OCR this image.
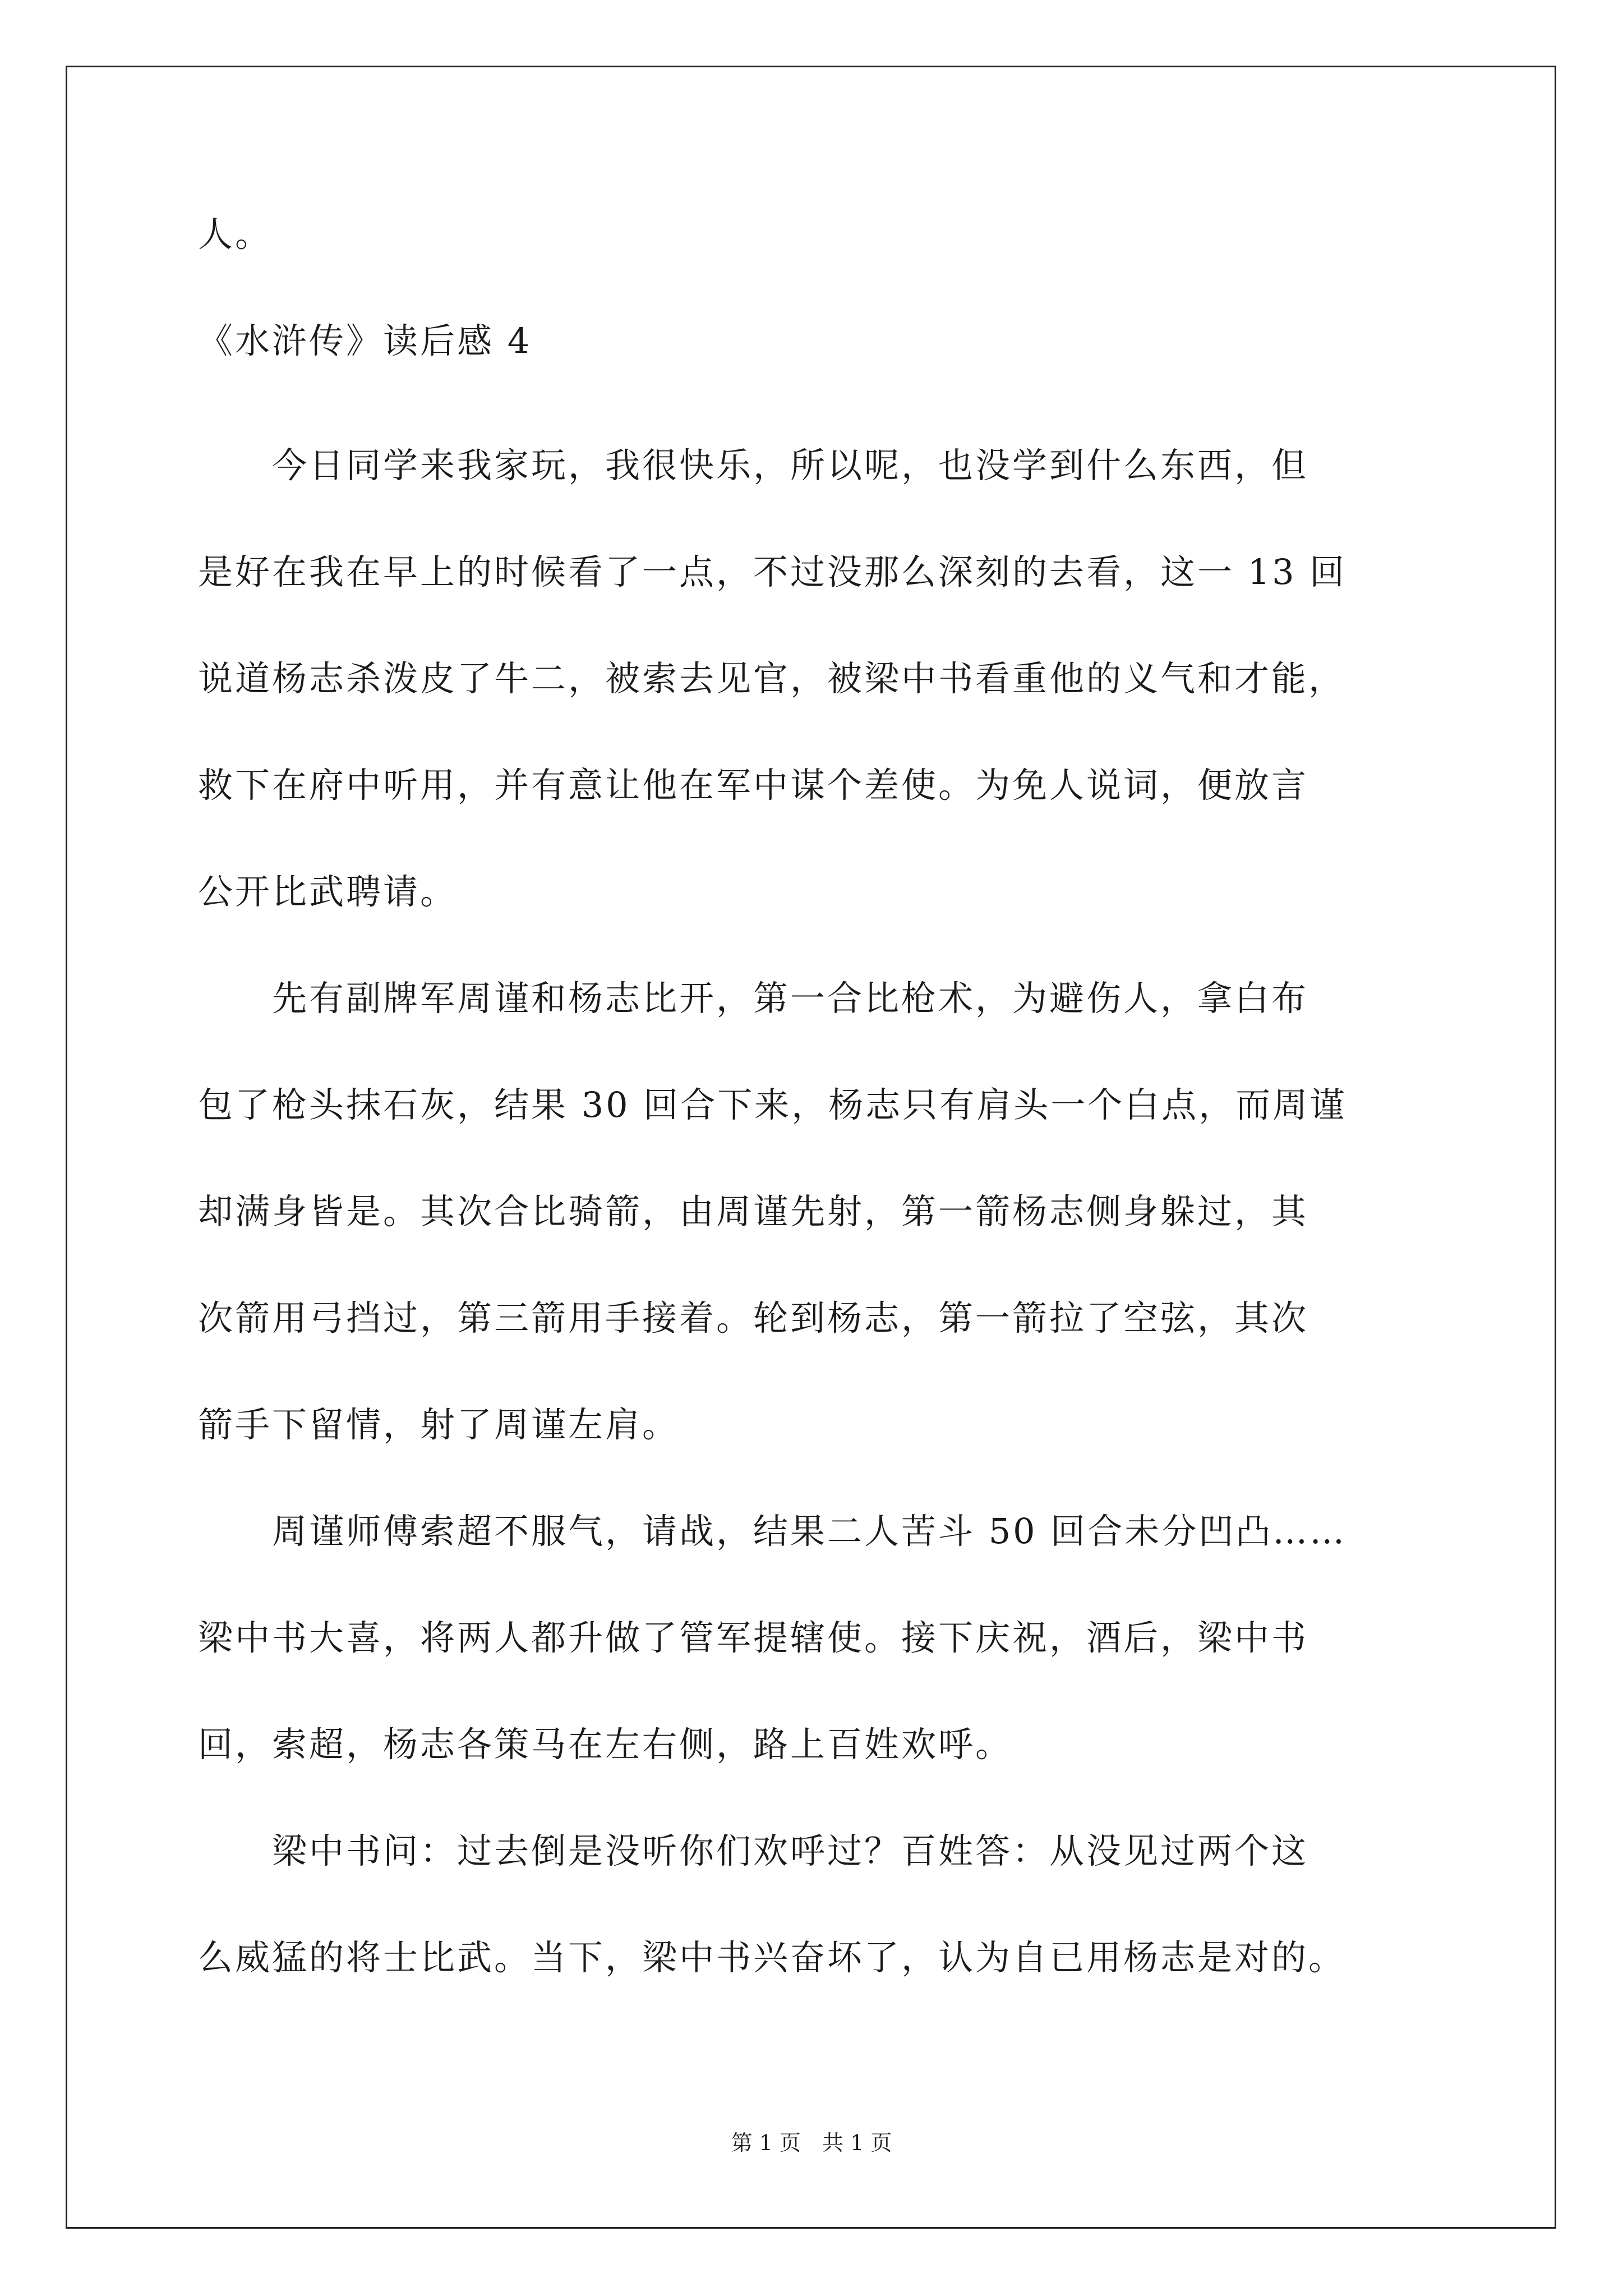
人。
《水浒传》读后感 4
　　今日同学来我家玩，我很快乐，所以呢，也没学到什么东西，但
是好在我在早上的时候看了一点，不过没那么深刻的去看，这一 13 回
说道杨志杀泼皮了牛二，被索去见官，被梁中书看重他的义气和才能，
救下在府中听用，并有意让他在军中谋个差使。为免人说词，便放言
公开比武聘请。
　　先有副牌军周谨和杨志比开，第一合比枪术，为避伤人，拿白布
包了枪头抹石灰，结果 30 回合下来，杨志只有肩头一个白点，而周谨
却满身皆是。其次合比骑箭，由周谨先射，第一箭杨志侧身躲过，其
次箭用弓挡过，第三箭用手接着。轮到杨志，第一箭拉了空弦，其次
箭手下留情，射了周谨左肩。
　　周谨师傅索超不服气，请战，结果二人苦斗 50 回合未分凹凸……
梁中书大喜，将两人都升做了管军提辖使。接下庆祝，酒后，梁中书
回，索超，杨志各策马在左右侧，路上百姓欢呼。
　　梁中书问：过去倒是没听你们欢呼过？百姓答：从没见过两个这
么威猛的将士比武。当下，梁中书兴奋坏了，认为自已用杨志是对的。
第 1 页　共 1 页
